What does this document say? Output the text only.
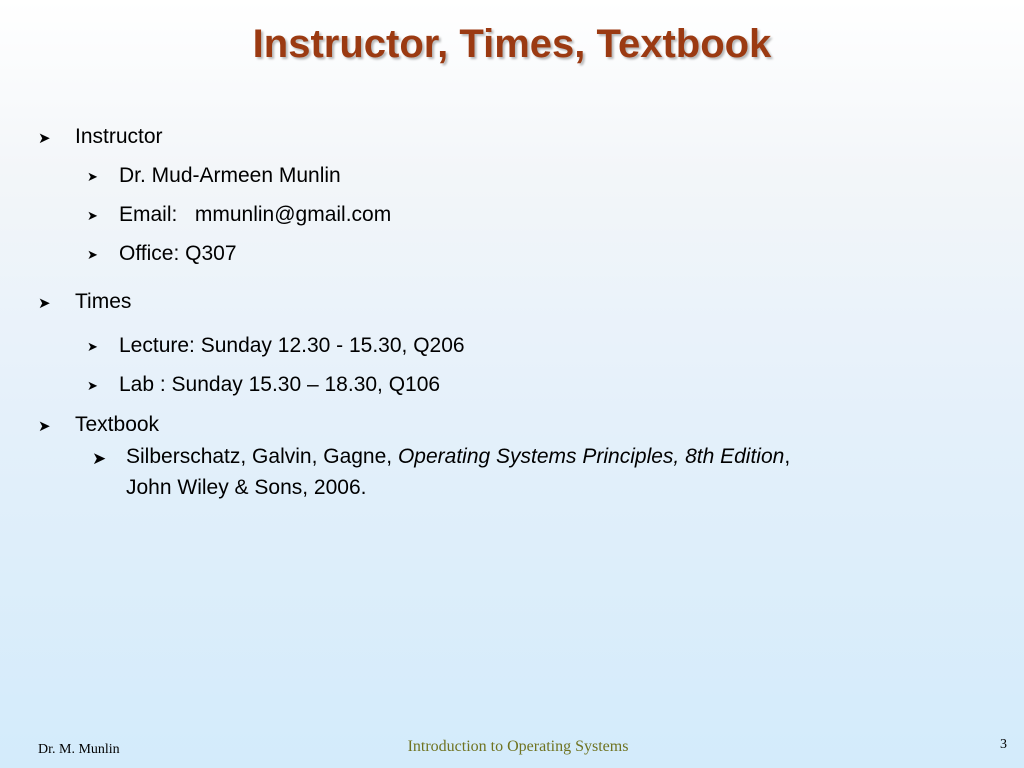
Instructor, Times, Textbook
➤	Instructor
➤	Dr. Mud-Armeen Munlin
➤	Email:   mmunlin@gmail.com
➤	Office: Q307
➤	Times
➤	Lecture: Sunday 12.30 - 15.30, Q206
➤	Lab : Sunday 15.30 – 18.30, Q106
➤	Textbook
➤ Silberschatz, Galvin, Gagne, Operating Systems Principles, 8th Edition,
John Wiley & Sons, 2006.
Dr. M. Munlin	Introduction to Operating Systems	3
